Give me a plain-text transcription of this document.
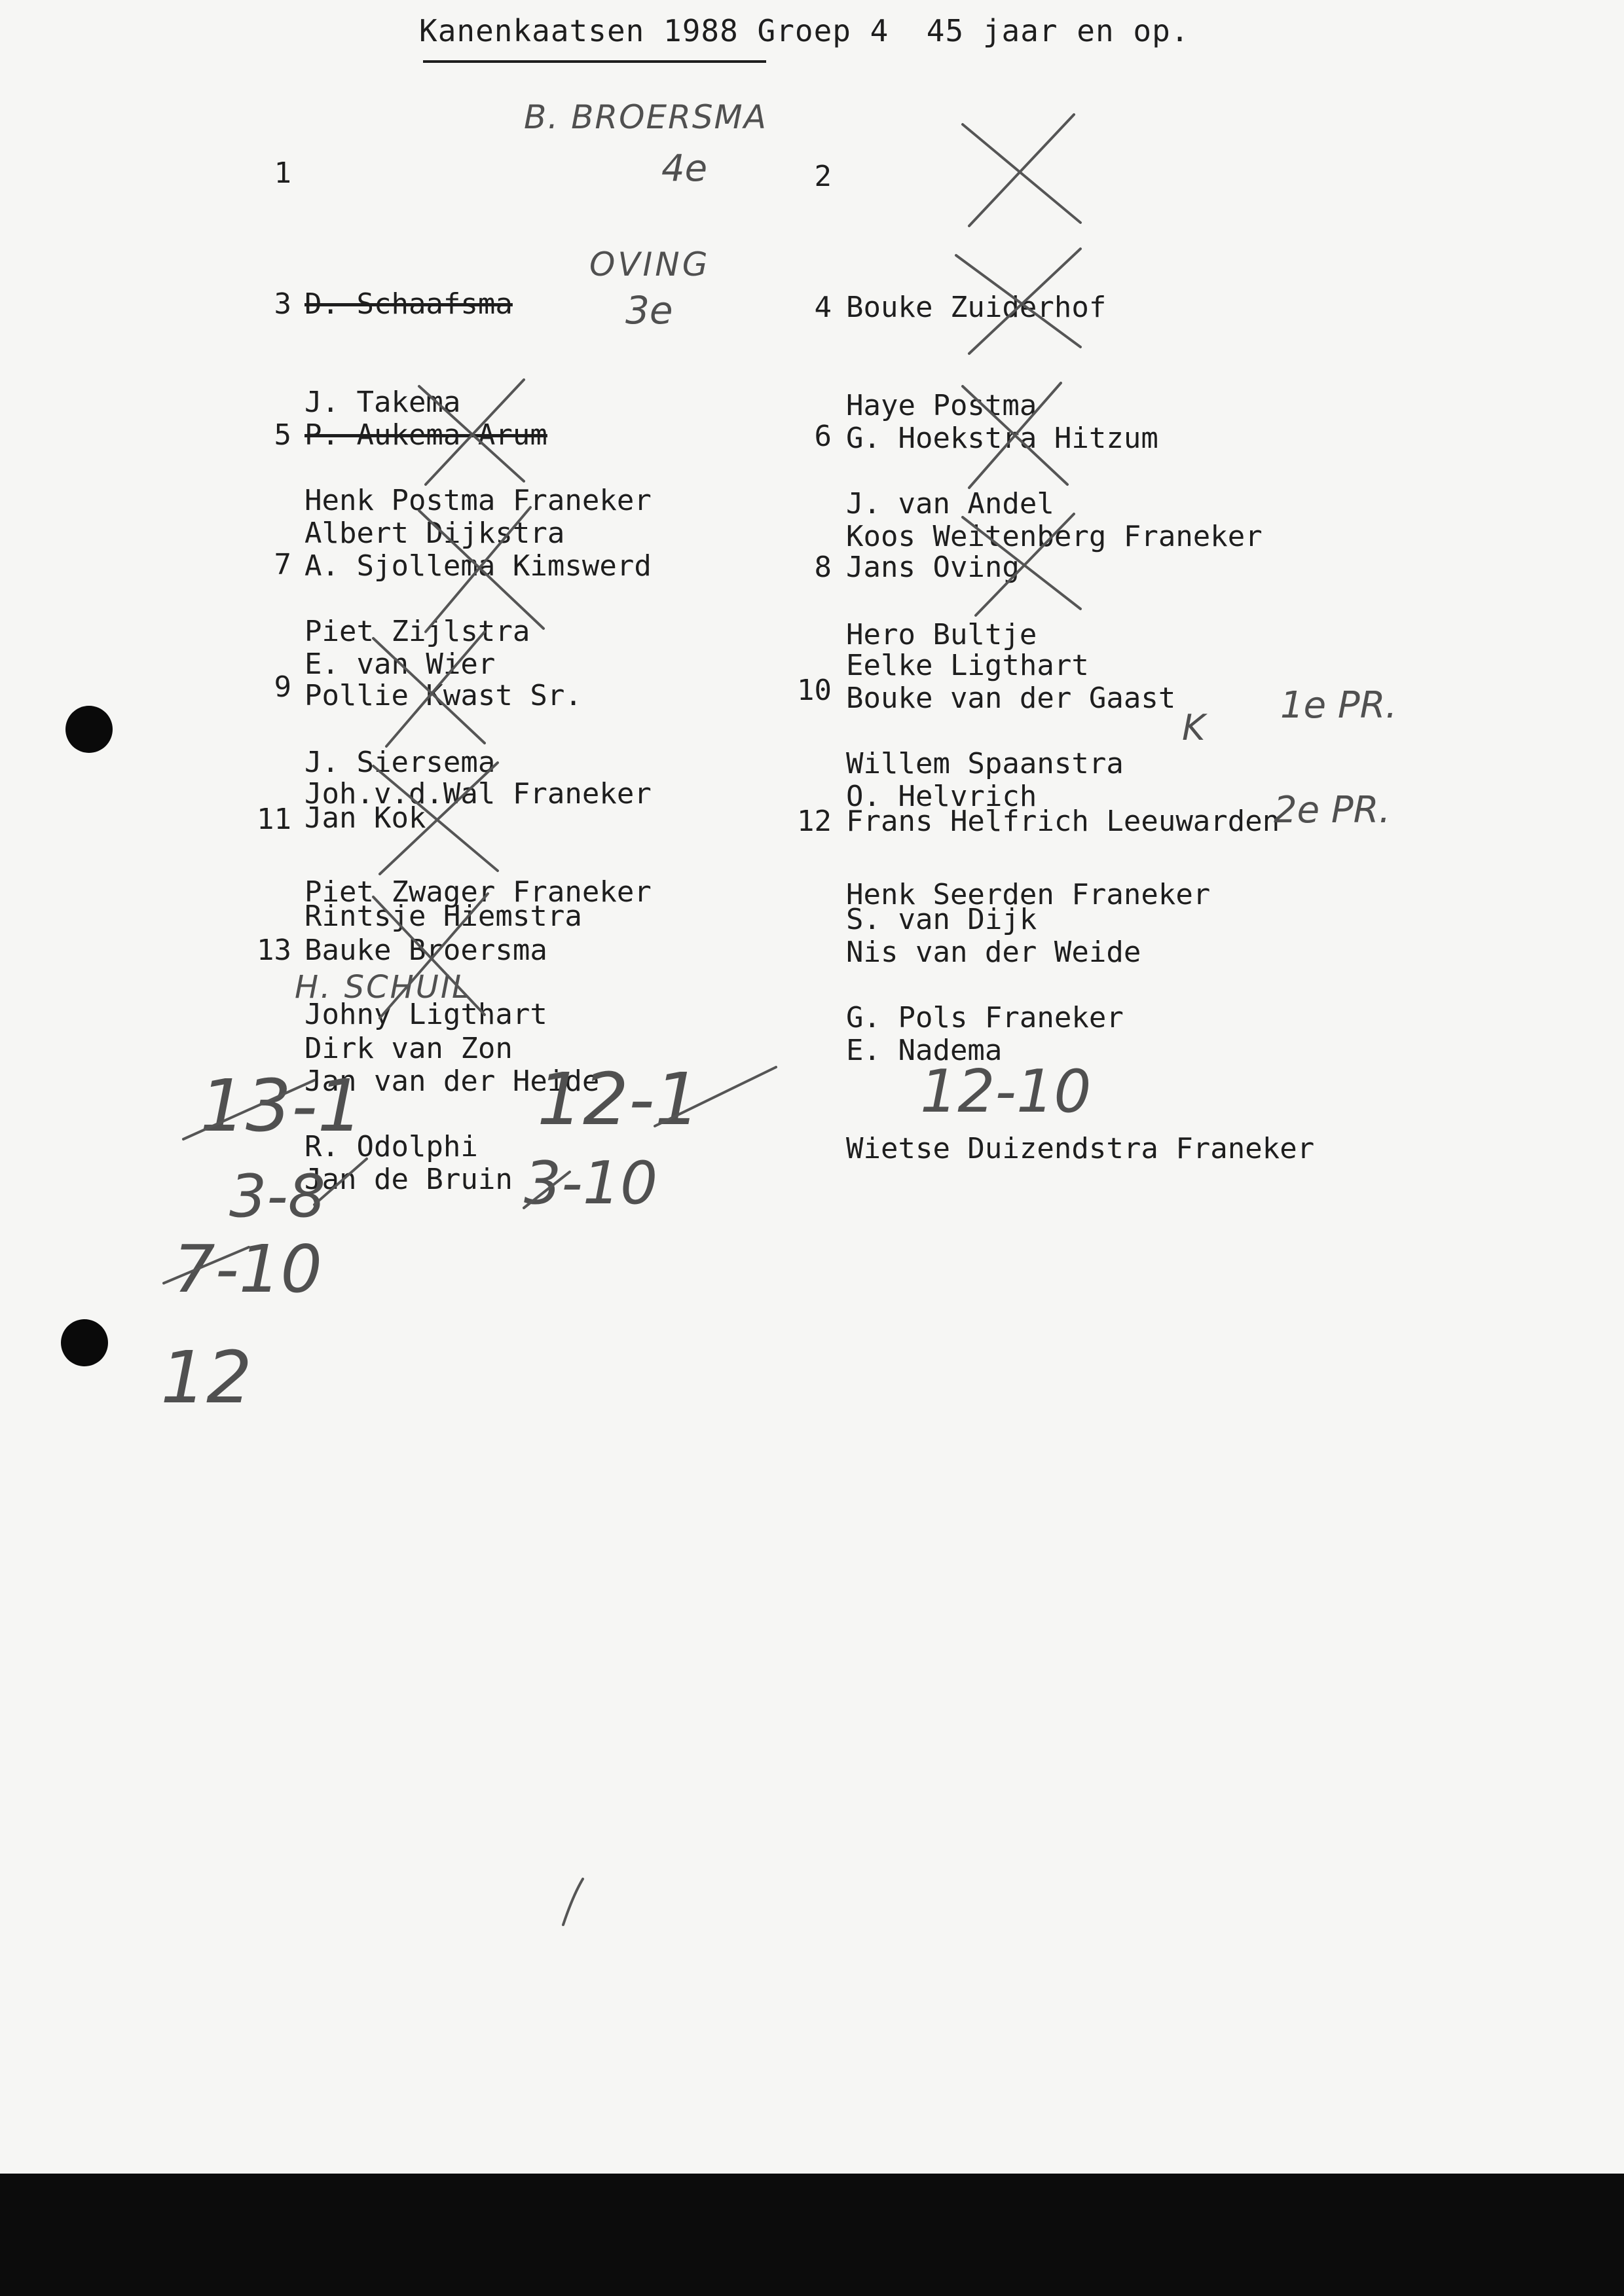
Kanenkaatsen 1988 Groep 4  45 jaar en op.

1

D. Schaafsma

J. Takema

Henk Postma Franeker

3

P. Aukema Arum

Albert Dijkstra

Piet Zijlstra

5

A. Sjollema Kimswerd

E. van Wier

J. Siersema

7

Pollie Kwast Sr.

Joh.v.d.Wal Franeker

Piet Zwager Franeker

9

Jan Kok

Rintsje Hiemstra

Johny Ligthart

11

Bauke Broersma

Dirk van Zon

R. Odolphi

13

Jan van der Heide

Jan de Bruin

2

Bouke Zuiderhof

Haye Postma

J. van Andel

4

G. Hoekstra Hitzum

Koos Weitenberg Franeker

Hero Bultje

6

Jans Oving

Eelke Ligthart

Willem Spaanstra

8

Bouke van der Gaast

O. Helvrich

Henk Seerden Franeker

10

Frans Helfrich Leeuwarden

S. van Dijk

G. Pols Franeker

12

Nis van der Weide

E. Nadema

Wietse Duizendstra Franeker

B. BROERSMA
4e
OVING
3e
H. SCHUIL
1e PR.
K
2e PR.
13-1
3-8
7-10
12
12-1
3-10
12-10
